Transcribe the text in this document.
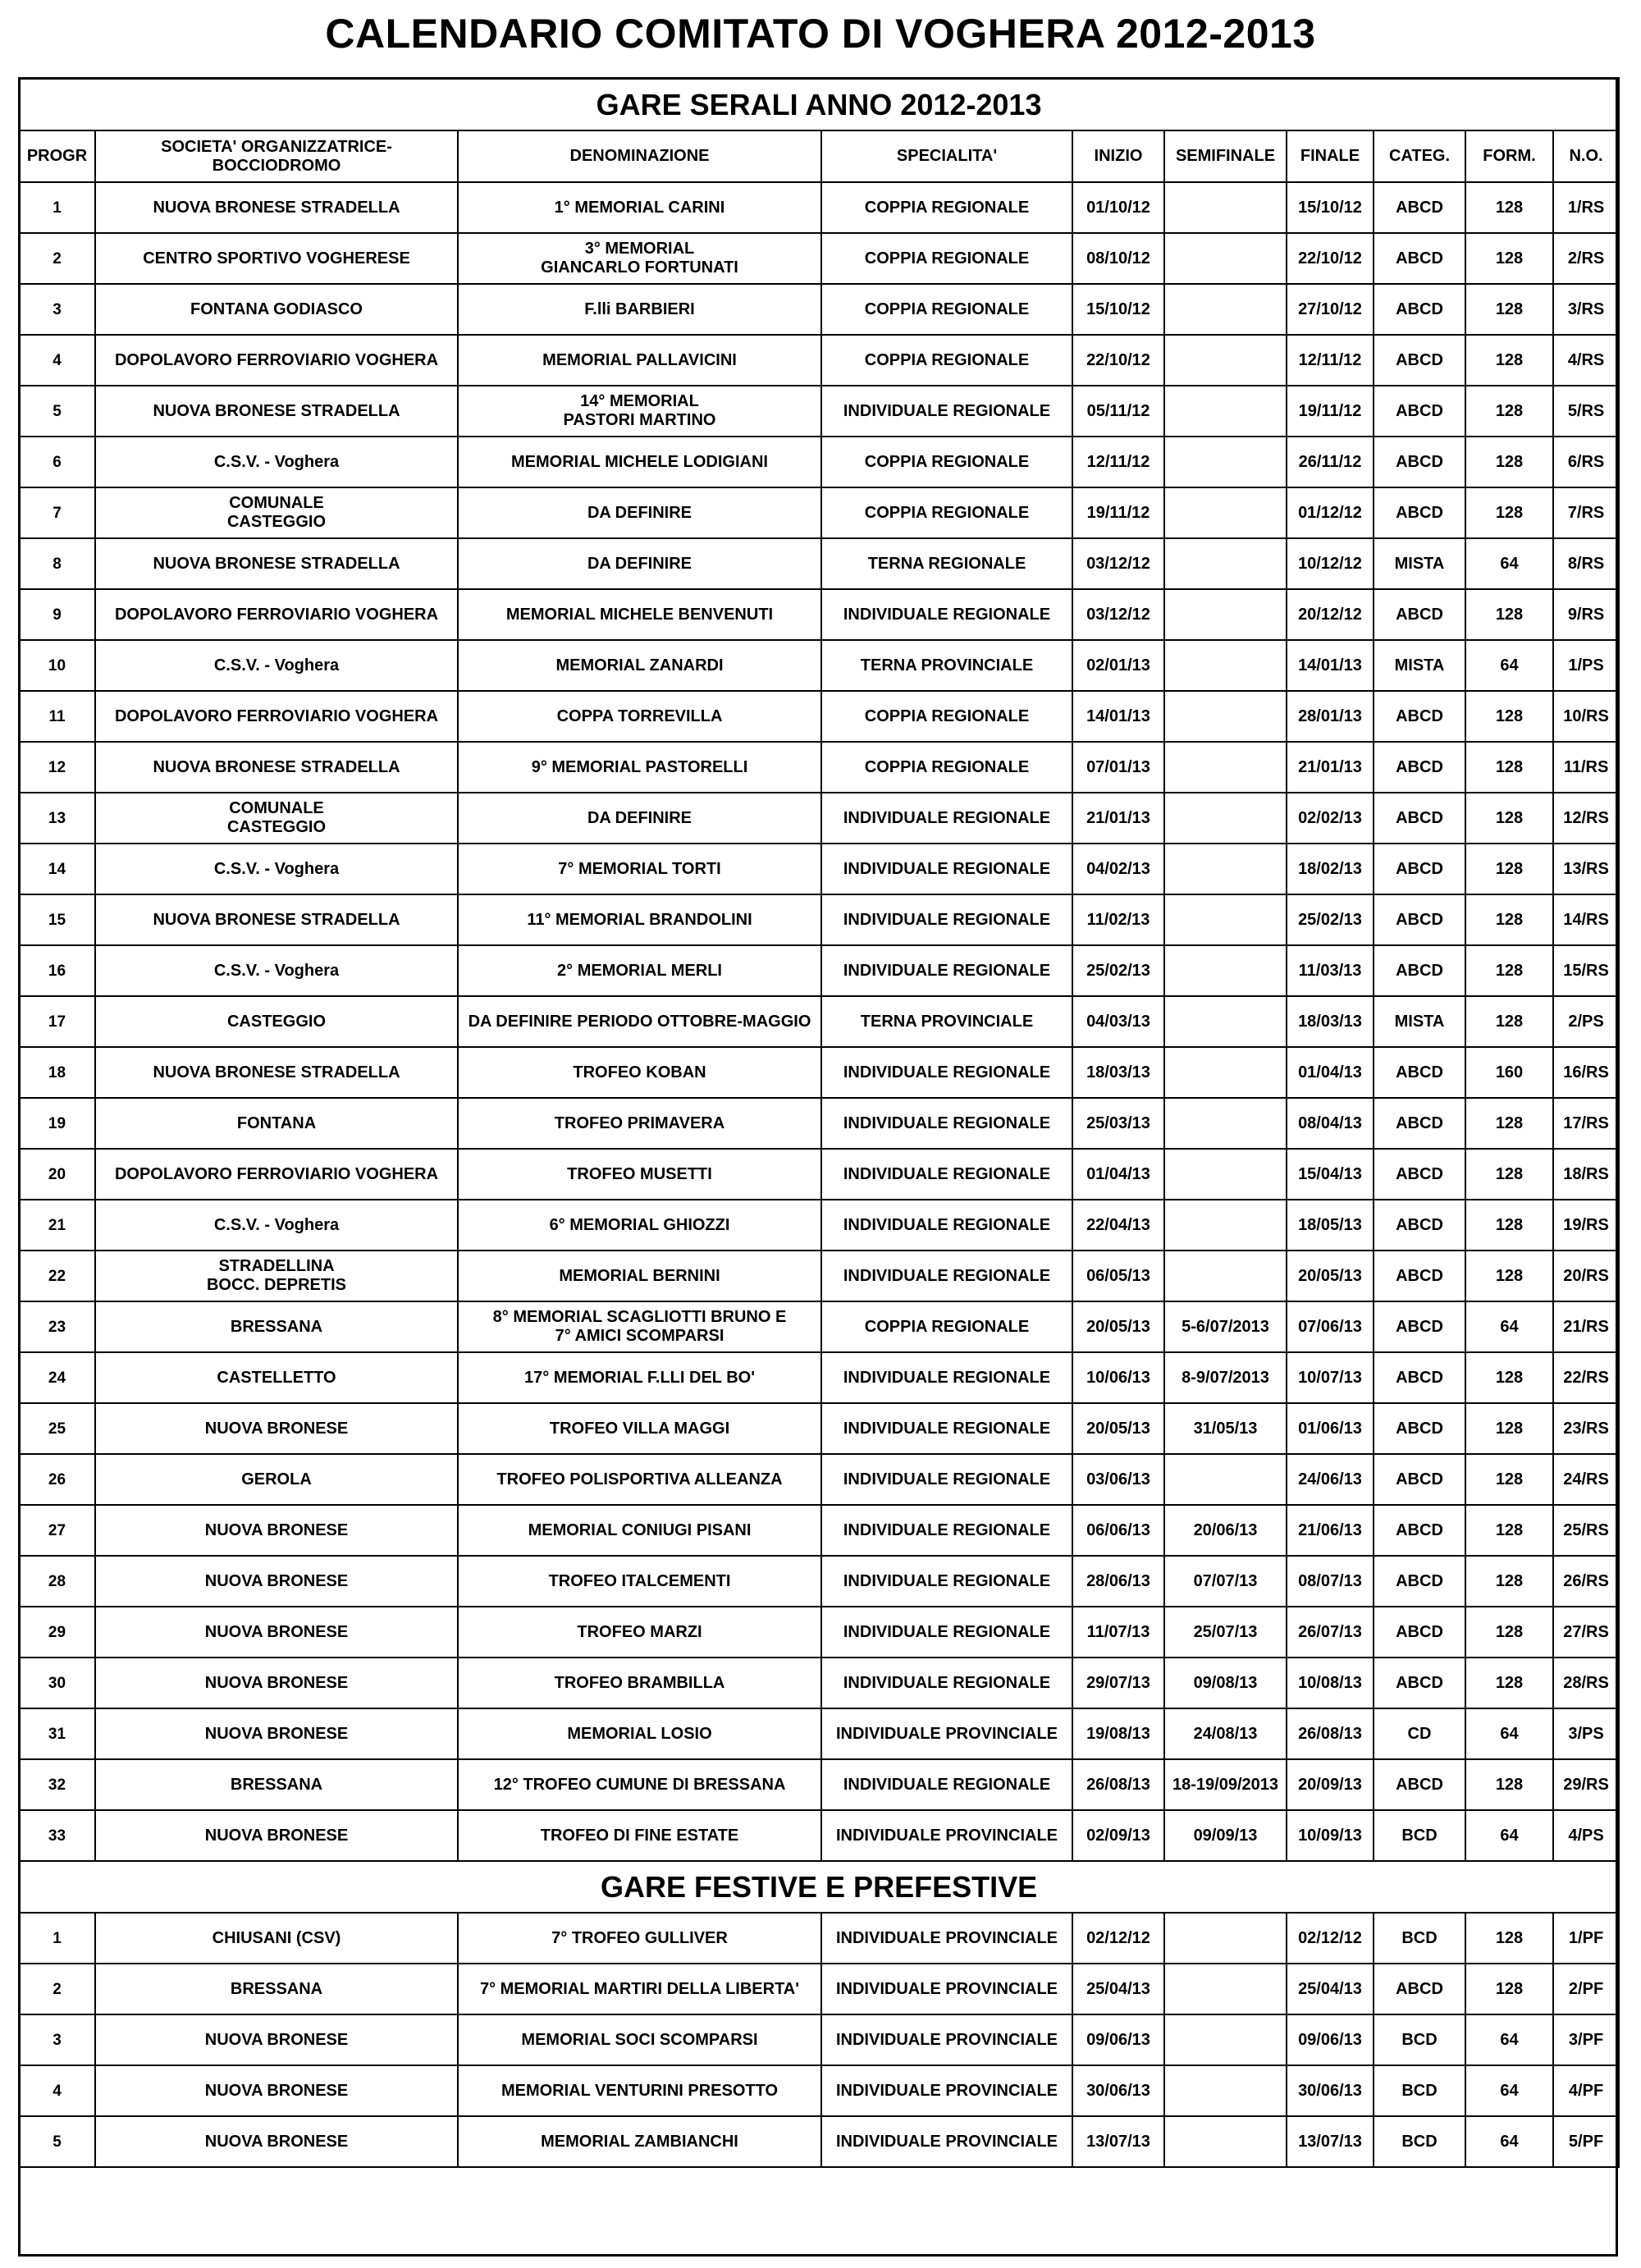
CALENDARIO COMITATO DI VOGHERA 2012-2013
GARE SERALI ANNO 2012-2013									
PROGR	SOCIETA' ORGANIZZATRICE-
BOCCIODROMO	DENOMINAZIONE	SPECIALITA'	INIZIO	SEMIFINALE	FINALE	CATEG.	FORM.	N.O.
1	NUOVA BRONESE STRADELLA	1° MEMORIAL CARINI	COPPIA REGIONALE	01/10/12		15/10/12	ABCD	128	1/RS
2	CENTRO SPORTIVO VOGHERESE	3° MEMORIAL
GIANCARLO FORTUNATI	COPPIA REGIONALE	08/10/12		22/10/12	ABCD	128	2/RS
3	FONTANA GODIASCO	F.lli BARBIERI	COPPIA REGIONALE	15/10/12		27/10/12	ABCD	128	3/RS
4	DOPOLAVORO FERROVIARIO VOGHERA	MEMORIAL PALLAVICINI	COPPIA REGIONALE	22/10/12		12/11/12	ABCD	128	4/RS
5	NUOVA BRONESE STRADELLA	14° MEMORIAL
PASTORI MARTINO	INDIVIDUALE REGIONALE	05/11/12		19/11/12	ABCD	128	5/RS
6	C.S.V. - Voghera	MEMORIAL MICHELE LODIGIANI	COPPIA REGIONALE	12/11/12		26/11/12	ABCD	128	6/RS
7	COMUNALE
CASTEGGIO	DA DEFINIRE	COPPIA REGIONALE	19/11/12		01/12/12	ABCD	128	7/RS
8	NUOVA BRONESE STRADELLA	DA DEFINIRE	TERNA REGIONALE	03/12/12		10/12/12	MISTA	64	8/RS
9	DOPOLAVORO FERROVIARIO VOGHERA	MEMORIAL MICHELE BENVENUTI	INDIVIDUALE REGIONALE	03/12/12		20/12/12	ABCD	128	9/RS
10	C.S.V. - Voghera	MEMORIAL ZANARDI	TERNA PROVINCIALE	02/01/13		14/01/13	MISTA	64	1/PS
11	DOPOLAVORO FERROVIARIO VOGHERA	COPPA TORREVILLA	COPPIA REGIONALE	14/01/13		28/01/13	ABCD	128	10/RS
12	NUOVA BRONESE STRADELLA	9° MEMORIAL PASTORELLI	COPPIA REGIONALE	07/01/13		21/01/13	ABCD	128	11/RS
13	COMUNALE
CASTEGGIO	DA DEFINIRE	INDIVIDUALE REGIONALE	21/01/13		02/02/13	ABCD	128	12/RS
14	C.S.V. - Voghera	7° MEMORIAL TORTI	INDIVIDUALE REGIONALE	04/02/13		18/02/13	ABCD	128	13/RS
15	NUOVA BRONESE STRADELLA	11° MEMORIAL BRANDOLINI	INDIVIDUALE REGIONALE	11/02/13		25/02/13	ABCD	128	14/RS
16	C.S.V. - Voghera	2° MEMORIAL MERLI	INDIVIDUALE REGIONALE	25/02/13		11/03/13	ABCD	128	15/RS
17	CASTEGGIO	DA DEFINIRE PERIODO OTTOBRE-MAGGIO	TERNA PROVINCIALE	04/03/13		18/03/13	MISTA	128	2/PS
18	NUOVA BRONESE STRADELLA	TROFEO KOBAN	INDIVIDUALE REGIONALE	18/03/13		01/04/13	ABCD	160	16/RS
19	FONTANA	TROFEO PRIMAVERA	INDIVIDUALE REGIONALE	25/03/13		08/04/13	ABCD	128	17/RS
20	DOPOLAVORO FERROVIARIO VOGHERA	TROFEO MUSETTI	INDIVIDUALE REGIONALE	01/04/13		15/04/13	ABCD	128	18/RS
21	C.S.V. - Voghera	6° MEMORIAL GHIOZZI	INDIVIDUALE REGIONALE	22/04/13		18/05/13	ABCD	128	19/RS
22	STRADELLINA
BOCC. DEPRETIS	MEMORIAL BERNINI	INDIVIDUALE REGIONALE	06/05/13		20/05/13	ABCD	128	20/RS
23	BRESSANA	8° MEMORIAL SCAGLIOTTI BRUNO E
7° AMICI SCOMPARSI	COPPIA REGIONALE	20/05/13	5-6/07/2013	07/06/13	ABCD	64	21/RS
24	CASTELLETTO	17° MEMORIAL F.LLI DEL BO'	INDIVIDUALE REGIONALE	10/06/13	8-9/07/2013	10/07/13	ABCD	128	22/RS
25	NUOVA BRONESE	TROFEO VILLA MAGGI	INDIVIDUALE REGIONALE	20/05/13	31/05/13	01/06/13	ABCD	128	23/RS
26	GEROLA	TROFEO POLISPORTIVA ALLEANZA	INDIVIDUALE REGIONALE	03/06/13		24/06/13	ABCD	128	24/RS
27	NUOVA BRONESE	MEMORIAL CONIUGI PISANI	INDIVIDUALE REGIONALE	06/06/13	20/06/13	21/06/13	ABCD	128	25/RS
28	NUOVA BRONESE	TROFEO ITALCEMENTI	INDIVIDUALE REGIONALE	28/06/13	07/07/13	08/07/13	ABCD	128	26/RS
29	NUOVA BRONESE	TROFEO MARZI	INDIVIDUALE REGIONALE	11/07/13	25/07/13	26/07/13	ABCD	128	27/RS
30	NUOVA BRONESE	TROFEO BRAMBILLA	INDIVIDUALE REGIONALE	29/07/13	09/08/13	10/08/13	ABCD	128	28/RS
31	NUOVA BRONESE	MEMORIAL LOSIO	INDIVIDUALE PROVINCIALE	19/08/13	24/08/13	26/08/13	CD	64	3/PS
32	BRESSANA	12° TROFEO CUMUNE DI BRESSANA	INDIVIDUALE REGIONALE	26/08/13	18-19/09/2013	20/09/13	ABCD	128	29/RS
33	NUOVA BRONESE	TROFEO DI FINE ESTATE	INDIVIDUALE PROVINCIALE	02/09/13	09/09/13	10/09/13	BCD	64	4/PS
GARE FESTIVE E PREFESTIVE									
1	CHIUSANI (CSV)	7° TROFEO GULLIVER	INDIVIDUALE PROVINCIALE	02/12/12		02/12/12	BCD	128	1/PF
2	BRESSANA	7° MEMORIAL MARTIRI DELLA LIBERTA'	INDIVIDUALE PROVINCIALE	25/04/13		25/04/13	ABCD	128	2/PF
3	NUOVA BRONESE	MEMORIAL SOCI SCOMPARSI	INDIVIDUALE PROVINCIALE	09/06/13		09/06/13	BCD	64	3/PF
4	NUOVA BRONESE	MEMORIAL VENTURINI PRESOTTO	INDIVIDUALE PROVINCIALE	30/06/13		30/06/13	BCD	64	4/PF
5	NUOVA BRONESE	MEMORIAL ZAMBIANCHI	INDIVIDUALE PROVINCIALE	13/07/13		13/07/13	BCD	64	5/PF
